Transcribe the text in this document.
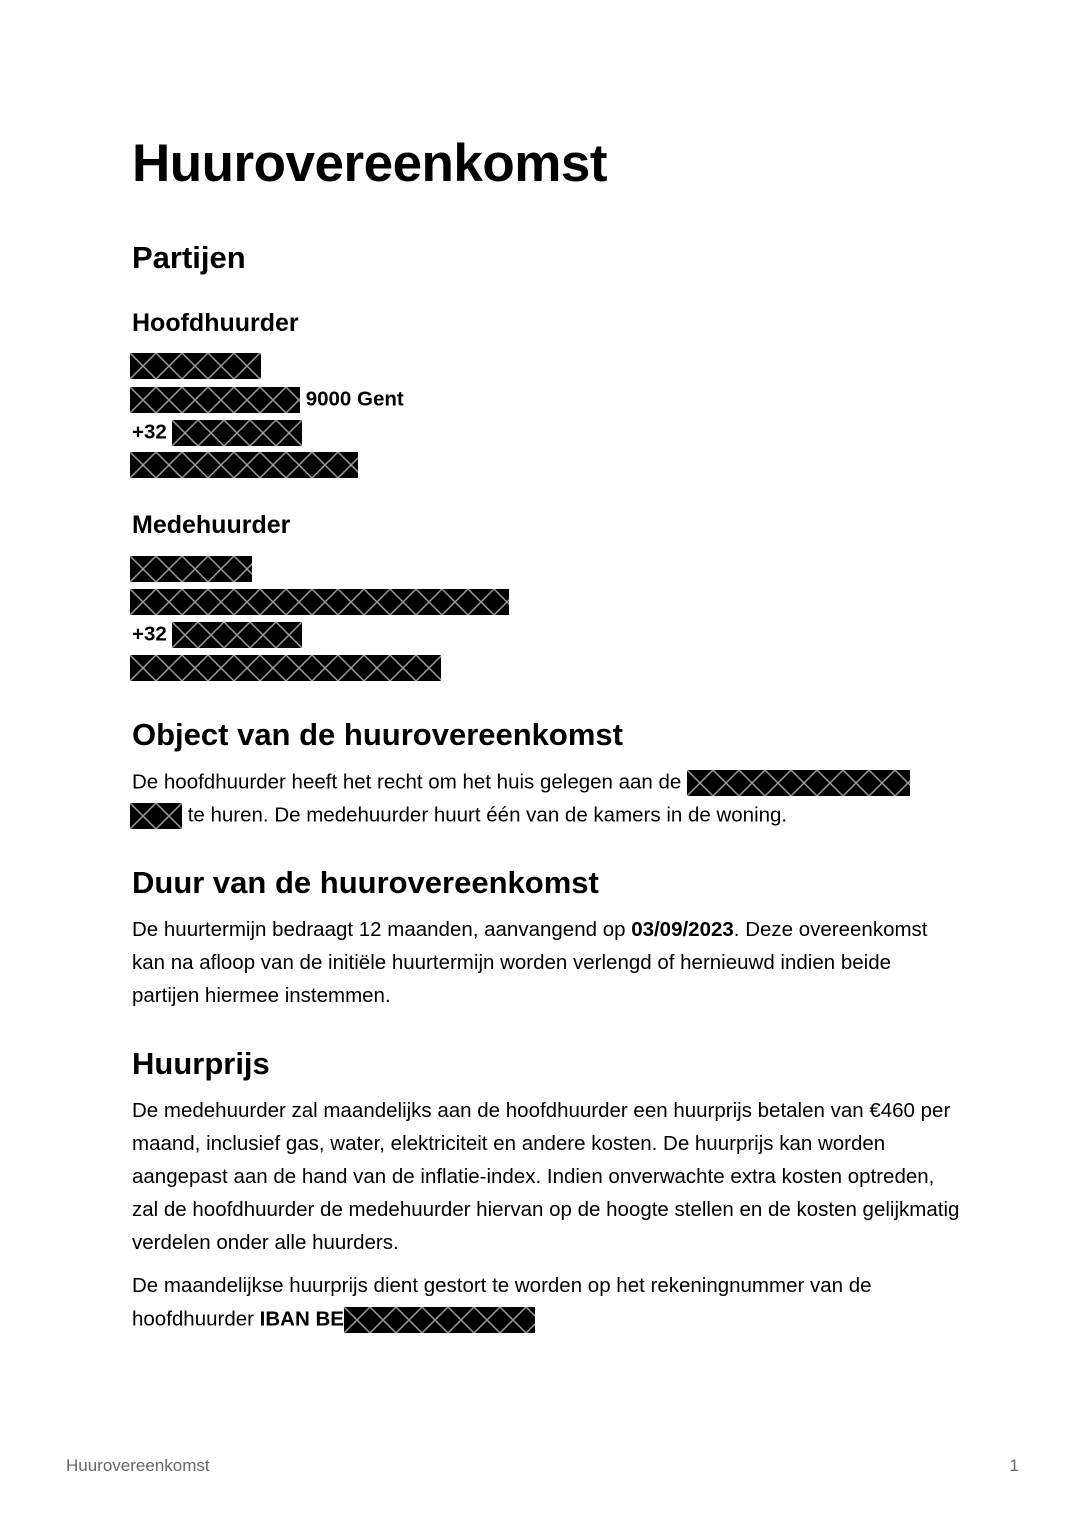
Huurovereenkomst
Partijen
Hoofdhuurder
9000 Gent
+32
Medehuurder
+32
Object van de huurovereenkomst
De hoofdhuurder heeft het recht om het huis gelegen aan de
te huren. De medehuurder huurt één van de kamers in de woning.
Duur van de huurovereenkomst

De huurtermijn bedraagt 12 maanden, aanvangend op 03/09/2023. Deze overeenkomst kan na afloop van de initiële huurtermijn worden verlengd of hernieuwd indien beide partijen hiermee instemmen.

Huurprijs

De medehuurder zal maandelijks aan de hoofdhuurder een huurprijs betalen van €460 per maand, inclusief gas, water, elektriciteit en andere kosten. De huurprijs kan worden aangepast aan de hand van de inflatie-index. Indien onverwachte extra kosten optreden, zal de hoofdhuurder de medehuurder hiervan op de hoogte stellen en de kosten gelijkmatig verdelen onder alle huurders.

De maandelijkse huurprijs dient gestort te worden op het rekeningnummer van de
hoofdhuurder IBAN BE
Huurovereenkomst	1
